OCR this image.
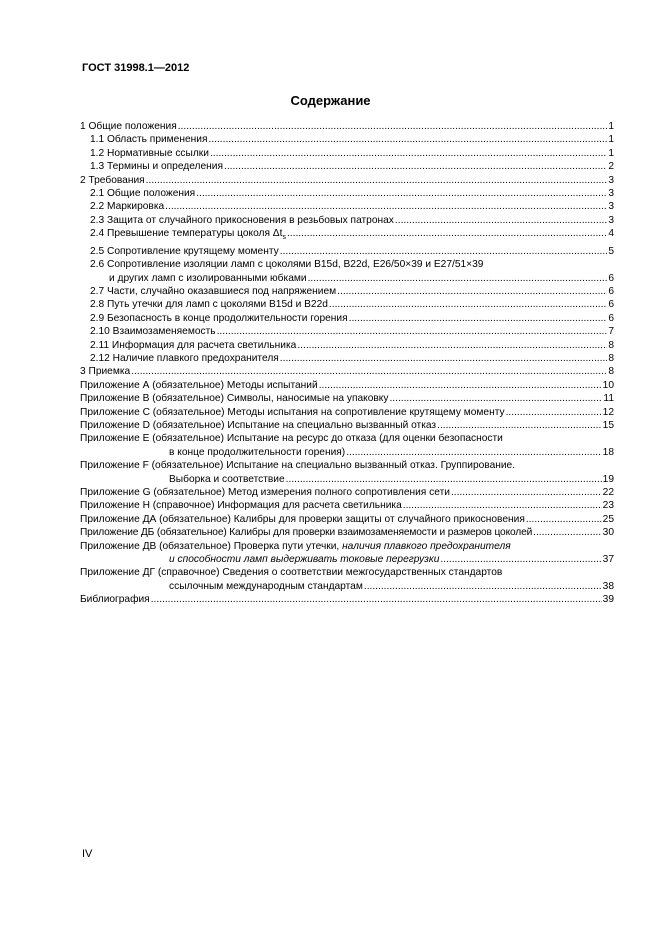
ГОСТ 31998.1—2012
Содержание
1 Общие положения .....	1
1.1 Область применения .....	1
1.2 Нормативные ссылки .....	1
1.3 Термины и определения .....	2
2 Требования .....	3
2.1 Общие положения .....	3
2.2 Маркировка .....	3
2.3 Защита от случайного прикосновения в резьбовых патронах .....	3
2.4 Превышение температуры цоколя $\Delta t_s$ .....	4
2.5 Сопротивление крутящему моменту .....	5
2.6 Сопротивление изоляции ламп с цоколями B15d, B22d, E26/50×39 и E27/51×39
и других ламп с изолированными юбками .....	6
2.7 Части, случайно оказавшиеся под напряжением .....	6
2.8 Путь утечки для ламп с цоколями B15d и B22d .....	6
2.9 Безопасность в конце продолжительности горения .....	6
2.10 Взаимозаменяемость .....	7
2.11 Информация для расчета светильника .....	8
2.12 Наличие плавкого предохранителя .....	8
3 Приемка .....	8
Приложение А (обязательное) Методы испытаний .....	10
Приложение В (обязательное) Символы, наносимые на упаковку .....	11
Приложение С (обязательное) Методы испытания на сопротивление крутящему моменту .....	12
Приложение D (обязательное) Испытание на специально вызванный отказ .....	15
Приложение Е (обязательное) Испытание на ресурс до отказа (для оценки безопасности
в конце продолжительности горения) .....	18
Приложение F (обязательное) Испытание на специально вызванный отказ. Группирование.
Выборка и соответствие .....	19
Приложение G (обязательное) Метод измерения полного сопротивления сети .....	22
Приложение H (справочное) Информация для расчета светильника .....	23
Приложение ДА (обязательное) Калибры для проверки защиты от случайного прикосновения .....	25
Приложение ДБ (обязательное) Калибры для проверки взаимозаменяемости и размеров цоколей .....	30
Приложение ДВ (обязательное) Проверка пути утечки, наличия плавкого предохранителя
и способности ламп выдерживать токовые перегрузки .....	37
Приложение ДГ (справочное) Сведения о соответствии межгосударственных стандартов
ссылочным международным стандартам .....	38
Библиография .....	39
IV
